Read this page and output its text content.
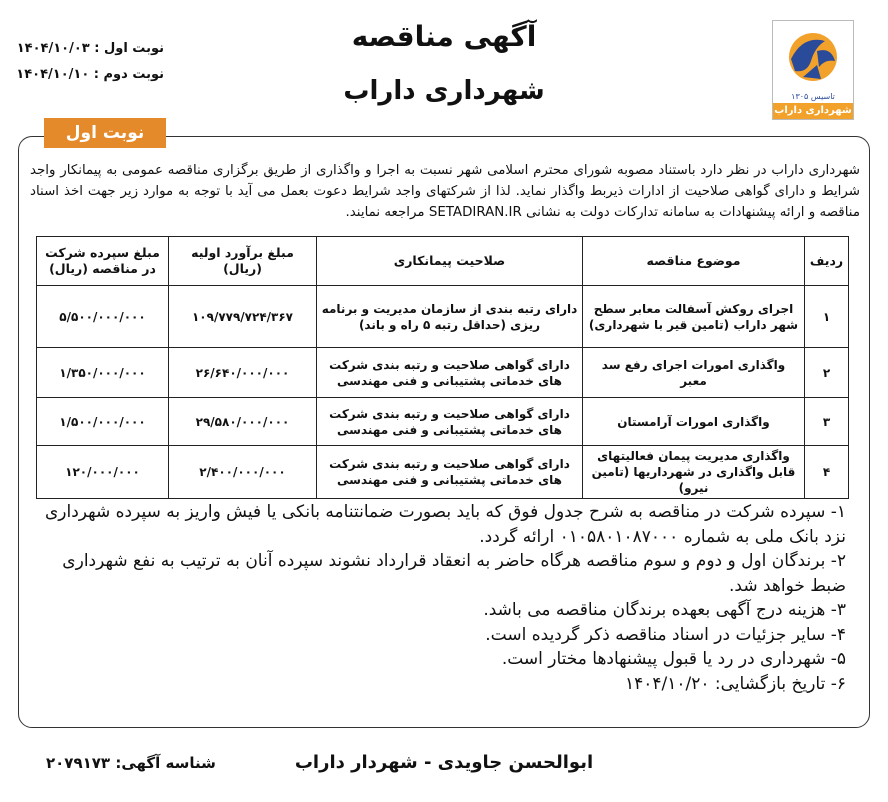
تاسیس ۱۳۰۵
شهرداری داراب
آگهی مناقصه
شهرداری داراب
نوبت اول : ۱۴۰۴/۱۰/۰۳
نوبت دوم : ۱۴۰۴/۱۰/۱۰
نوبت اول
شهرداری داراب در نظر دارد باستناد مصوبه شورای محترم اسلامی شهر نسبت به اجرا و واگذاری از طریق برگزاری مناقصه عمومی به پیمانکار واجد شرایط و دارای گواهی صلاحیت از ادارات ذیربط واگذار نماید. لذا از شرکتهای واجد شرایط دعوت بعمل می آید با توجه به موارد زیر جهت اخذ اسناد مناقصه و ارائه پیشنهادات به سامانه تدارکات دولت به نشانی SETADIRAN.IR مراجعه نمایند.
ردیف	موضوع مناقصه	صلاحیت پیمانکاری	مبلغ برآورد اولیه (ریال)	مبلغ سپرده شرکت در مناقصه (ریال)
۱	اجرای روکش آسفالت معابر سطح شهر داراب (تامین قیر با شهرداری)	دارای رتبه بندی از سازمان مدیریت و برنامه ریزی (حداقل رتبه ۵ راه و باند)	۱۰۹/۷۷۹/۷۲۴/۳۶۷	۵/۵۰۰/۰۰۰/۰۰۰
۲	واگذاری امورات اجرای رفع سد معبر	دارای گواهی صلاحیت و رتبه بندی شرکت های خدماتی پشتیبانی و فنی مهندسی	۲۶/۶۴۰/۰۰۰/۰۰۰	۱/۳۵۰/۰۰۰/۰۰۰
۳	واگذاری امورات آرامستان	دارای گواهی صلاحیت و رتبه بندی شرکت های خدماتی پشتیبانی و فنی مهندسی	۲۹/۵۸۰/۰۰۰/۰۰۰	۱/۵۰۰/۰۰۰/۰۰۰
۴	واگذاری مدیریت پیمان فعالیتهای قابل واگذاری در شهرداریها (تامین نیرو)	دارای گواهی صلاحیت و رتبه بندی شرکت های خدماتی پشتیبانی و فنی مهندسی	۲/۴۰۰/۰۰۰/۰۰۰	۱۲۰/۰۰۰/۰۰۰

۱- سپرده شرکت در مناقصه به شرح جدول فوق که باید بصورت ضمانتنامه بانکی یا فیش واریز به سپرده شهرداری نزد بانک ملی به شماره ۰۱۰۵۸۰۱۰۸۷۰۰۰ ارائه گردد.

۲- برندگان اول و دوم و سوم مناقصه هرگاه حاضر به انعقاد قرارداد نشوند سپرده آنان به ترتیب به نفع شهرداری ضبط خواهد شد.

۳- هزینه درج آگهی بعهده برندگان مناقصه می باشد.

۴- سایر جزئیات در اسناد مناقصه ذکر گردیده است.

۵- شهرداری در رد یا قبول پیشنهادها مختار است.

۶- تاریخ بازگشایی: ۱۴۰۴/۱۰/۲۰

ابوالحسن جاویدی - شهردار داراب
شناسه آگهی: ۲۰۷۹۱۷۳
